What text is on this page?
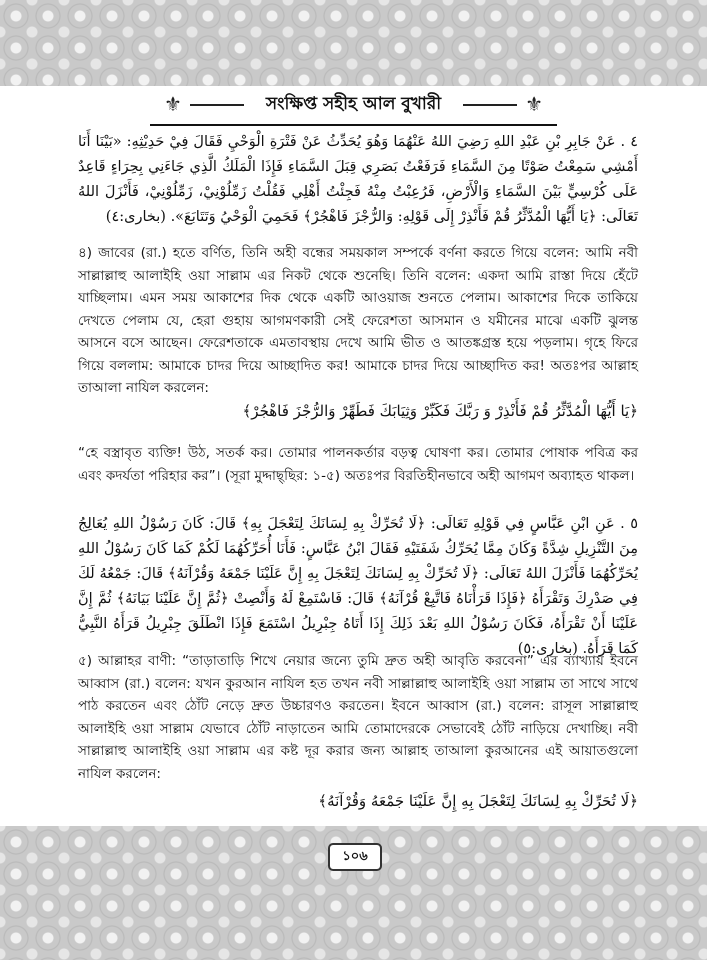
⚜	সংক্ষিপ্ত সহীহ আল বুখারী	⚜
٤ . عَنْ جَابِرِ بْنِ عَبْدِ اللهِ رَضِيَ اللهُ عَنْهُمَا وَهُوَ يُحَدِّثُ عَنْ فَتْرَةِ الْوَحْيِ فَقَالَ فِيْ حَدِيْثِهِ: «بَيْنَا أَنَا أَمْشِي سَمِعْتُ صَوْتًا مِنَ السَّمَاءِ فَرَفَعْتُ بَصَرِي قِبَلَ السَّمَاءِ فَإِذَا الْمَلَكُ الَّذِي جَاءَنِي بِحِرَاءٍ قَاعِدٌ عَلَى كُرْسِيٍّ بَيْنَ السَّمَاءِ وَالْأَرْضِ، فَرُعِبْتُ مِنْهُ فَجِئْتُ أَهْلِي فَقُلْتُ زَمِّلُوْنِيْ، زَمِّلُوْنِيْ، فَأَنْزَلَ اللهُ تَعَالَى: ﴿يَا أَيُّهَا الْمُدَّثِّرُ قُمْ فَأَنْذِرْ إِلَى قَوْلِهِ: وَالرُّجْزَ فَاهْجُرْ﴾ فَحَمِيَ الْوَحْيُ وَتَتَابَعَ». (بخارى:٤)
৪) জাবের (রা.) হতে বর্ণিত, তিনি অহী বন্ধের সময়কাল সম্পর্কে বর্ণনা করতে গিয়ে বলেন: আমি নবী সাল্লাল্লাহু আলাইহি ওয়া সাল্লাম এর নিকট থেকে শুনেছি। তিনি বলেন: একদা আমি রাস্তা দিয়ে হেঁটে যাচ্ছিলাম। এমন সময় আকাশের দিক থেকে একটি আওয়াজ শুনতে পেলাম। আকাশের দিকে তাকিয়ে দেখতে পেলাম যে, হেরা গুহায় আগমণকারী সেই ফেরেশতা আসমান ও যমীনের মাঝে একটি ঝুলন্ত আসনে বসে আছেন। ফেরেশতাকে এমতাবস্থায় দেখে আমি ভীত ও আতঙ্কগ্রস্ত হয়ে পড়লাম। গৃহে ফিরে গিয়ে বললাম: আমাকে চাদর দিয়ে আচ্ছাদিত কর! আমাকে চাদর দিয়ে আচ্ছাদিত কর! অতঃপর আল্লাহ তাআলা নাযিল করলেন:
﴿يَا أَيُّهَا الْمُدَّثِّرُ قُمْ فَأَنْذِرْ وَ رَبَّكَ فَكَبِّرْ وَثِيَابَكَ فَطَهِّرْ وَالرُّجْزَ فَاهْجُرْ﴾
“হে বস্ত্রাবৃত ব্যক্তি! উঠ, সতর্ক কর। তোমার পালনকর্তার বড়ত্ব ঘোষণা কর। তোমার পোষাক পবিত্র কর এবং কদর্যতা পরিহার কর”। (সূরা মুদ্দাছ্‌ছির: ১-৫) অতঃপর বিরতিহীনভাবে অহী আগমণ অব্যাহত থাকল।
٥ . عَنِ ابْنِ عَبَّاسٍ فِي قَوْلِهِ تَعَالَى: ﴿لَا تُحَرِّكْ بِهِ لِسَانَكَ لِتَعْجَلَ بِهِ﴾ قَالَ: كَانَ رَسُوْلُ اللهِ يُعَالِجُ مِنَ التَّنْزِيلِ شِدَّةً وَكَانَ مِمَّا يُحَرِّكُ شَفَتَيْهِ فَقَالَ ابْنُ عَبَّاسٍ: فَأَنَا أُحَرِّكُهُمَا لَكُمْ كَمَا كَانَ رَسُوْلُ اللهِ يُحَرِّكُهُمَا فَأَنْزَلَ اللهُ تَعَالَى: ﴿لَا تُحَرِّكْ بِهِ لِسَانَكَ لِتَعْجَلَ بِهِ إِنَّ عَلَيْنَا جَمْعَهُ وَقُرْآنَهُ﴾ قَالَ: جَمْعُهُ لَكَ فِي صَدْرِكَ وَتَقْرَأَهُ ﴿فَإِذَا قَرَأْنَاهُ فَاتَّبِعْ قُرْآنَهُ﴾ قَالَ: فَاسْتَمِعْ لَهُ وَأَنْصِتْ ﴿ثُمَّ إِنَّ عَلَيْنَا بَيَانَهُ﴾ ثُمَّ إِنَّ عَلَيْنَا أَنْ تَقْرَأَهُ، فَكَانَ رَسُوْلُ اللهِ بَعْدَ ذَلِكَ إِذَا أَتَاهُ جِبْرِيلُ اسْتَمَعَ فَإِذَا انْطَلَقَ جِبْرِيلُ قَرَأَهُ النَّبِيُّ كَمَا قَرَأَهُ. (بخارى:٥)
৫) আল্লাহর বাণী: “তাড়াতাড়ি শিখে নেয়ার জন্যে তুমি দ্রুত অহী আবৃতি করবেনা” এর ব্যাখ্যায় ইবনে আব্বাস (রা.) বলেন: যখন কুরআন নাযিল হত তখন নবী সাল্লাল্লাহু আলাইহি ওয়া সাল্লাম তা সাথে সাথে পাঠ করতেন এবং ঠোঁট নেড়ে দ্রুত উচ্চারণও করতেন। ইবনে আব্বাস (রা.) বলেন: রাসূল সাল্লাল্লাহু আলাইহি ওয়া সাল্লাম যেভাবে ঠোঁট নাড়াতেন আমি তোমাদেরকে সেভাবেই ঠোঁট নাড়িয়ে দেখাচ্ছি। নবী সাল্লাল্লাহু আলাইহি ওয়া সাল্লাম এর কষ্ট দূর করার জন্য আল্লাহ তাআলা কুরআনের এই আয়াতগুলো নাযিল করলেন:
﴿لَا تُحَرِّكْ بِهِ لِسَانَكَ لِتَعْجَلَ بِهِ إِنَّ عَلَيْنَا جَمْعَهُ وَقُرْآنَهُ﴾
১০৬
